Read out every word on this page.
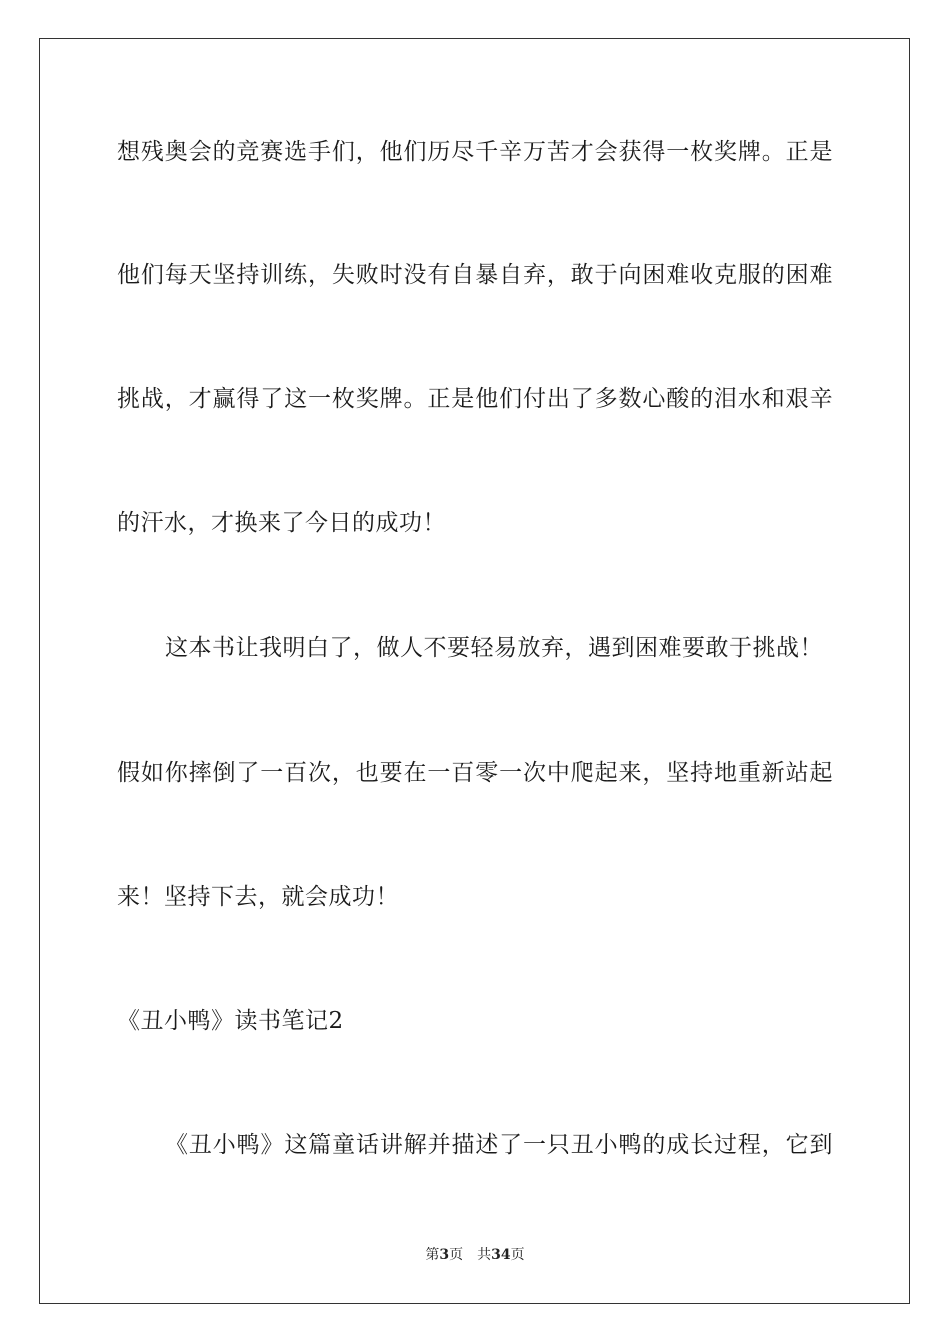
想残奥会的竞赛选手们，他们历尽千辛万苦才会获得一枚奖牌。正是
他们每天坚持训练，失败时没有自暴自弃，敢于向困难收克服的困难
挑战，才赢得了这一枚奖牌。正是他们付出了多数心酸的泪水和艰辛
的汗水，才换来了今日的成功！
这本书让我明白了，做人不要轻易放弃，遇到困难要敢于挑战！
假如你摔倒了一百次，也要在一百零一次中爬起来，坚持地重新站起
来！坚持下去，就会成功！
《丑小鸭》读书笔记2
《丑小鸭》这篇童话讲解并描述了一只丑小鸭的成长过程，它到
第3页 共34页
